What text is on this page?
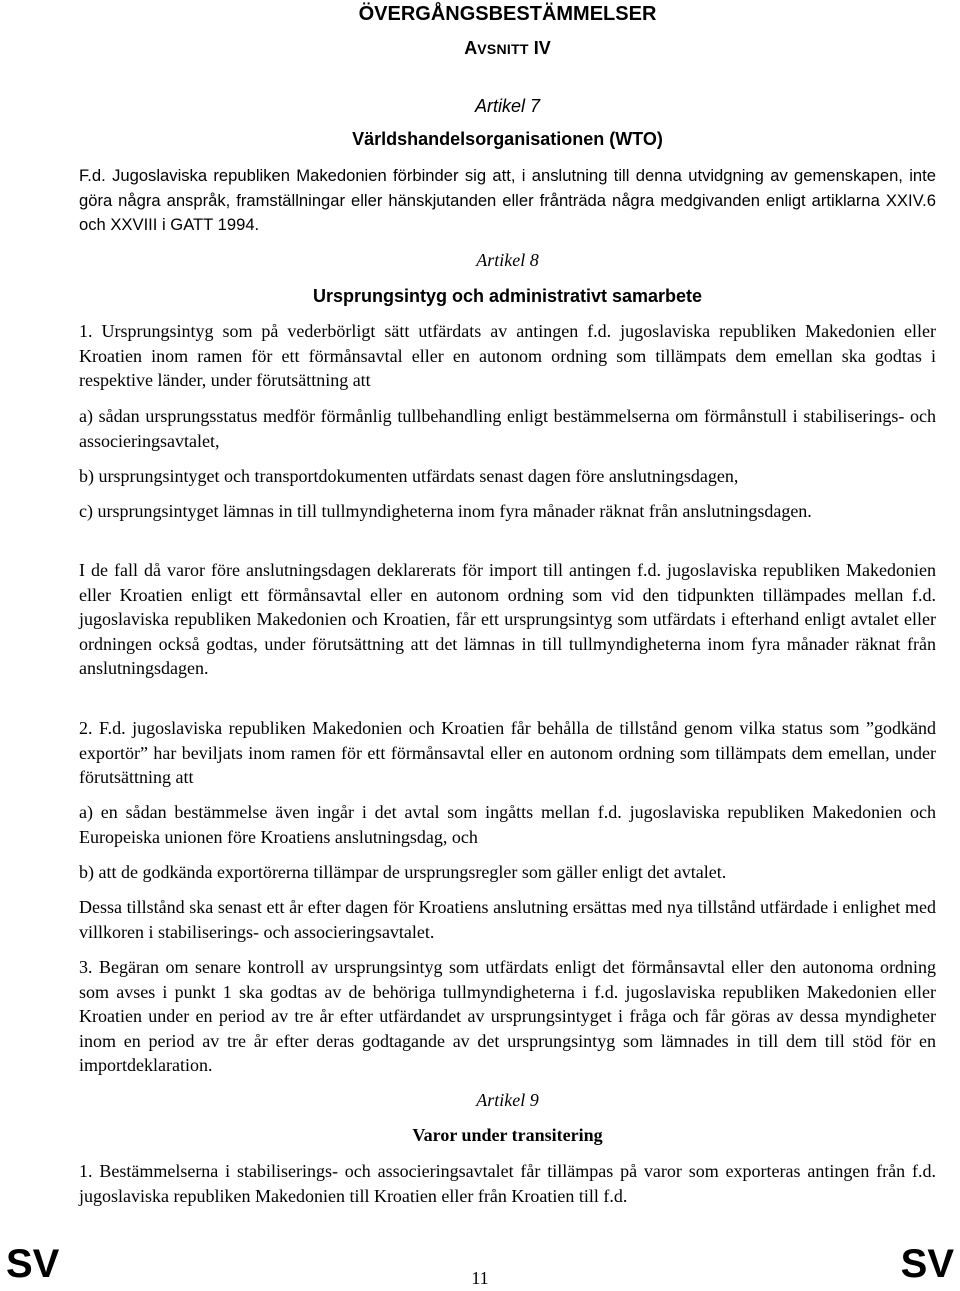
ÖVERGÅNGSBESTÄMMELSER
AVSNITT IV
Artikel 7
Världshandelsorganisationen (WTO)

F.d. Jugoslaviska republiken Makedonien förbinder sig att, i anslutning till denna utvidgning av gemenskapen, inte göra några anspråk, framställningar eller hänskjutanden eller frånträda några medgivanden enligt artiklarna XXIV.6 och XXVIII i GATT 1994.

Artikel 8
Ursprungsintyg och administrativt samarbete

1. Ursprungsintyg som på vederbörligt sätt utfärdats av antingen f.d. jugoslaviska republiken Makedonien eller Kroatien inom ramen för ett förmånsavtal eller en autonom ordning som tillämpats dem emellan ska godtas i respektive länder, under förutsättning att

a) sådan ursprungsstatus medför förmånlig tullbehandling enligt bestämmelserna om förmånstull i stabiliserings- och associeringsavtalet,

b) ursprungsintyget och transportdokumenten utfärdats senast dagen före anslutningsdagen,

c) ursprungsintyget lämnas in till tullmyndigheterna inom fyra månader räknat från anslutningsdagen.

I de fall då varor före anslutningsdagen deklarerats för import till antingen f.d. jugoslaviska republiken Makedonien eller Kroatien enligt ett förmånsavtal eller en autonom ordning som vid den tidpunkten tillämpades mellan f.d. jugoslaviska republiken Makedonien och Kroatien, får ett ursprungsintyg som utfärdats i efterhand enligt avtalet eller ordningen också godtas, under förutsättning att det lämnas in till tullmyndigheterna inom fyra månader räknat från anslutningsdagen.

2. F.d. jugoslaviska republiken Makedonien och Kroatien får behålla de tillstånd genom vilka status som ”godkänd exportör” har beviljats inom ramen för ett förmånsavtal eller en autonom ordning som tillämpats dem emellan, under förutsättning att

a) en sådan bestämmelse även ingår i det avtal som ingåtts mellan f.d. jugoslaviska republiken Makedonien och Europeiska unionen före Kroatiens anslutningsdag, och

b) att de godkända exportörerna tillämpar de ursprungsregler som gäller enligt det avtalet.

Dessa tillstånd ska senast ett år efter dagen för Kroatiens anslutning ersättas med nya tillstånd utfärdade i enlighet med villkoren i stabiliserings- och associeringsavtalet.

3. Begäran om senare kontroll av ursprungsintyg som utfärdats enligt det förmånsavtal eller den autonoma ordning som avses i punkt 1 ska godtas av de behöriga tullmyndigheterna i f.d. jugoslaviska republiken Makedonien eller Kroatien under en period av tre år efter utfärdandet av ursprungsintyget i fråga och får göras av dessa myndigheter inom en period av tre år efter deras godtagande av det ursprungsintyg som lämnades in till dem till stöd för en importdeklaration.

Artikel 9
Varor under transitering

1. Bestämmelserna i stabiliserings- och associeringsavtalet får tillämpas på varor som exporteras antingen från f.d. jugoslaviska republiken Makedonien till Kroatien eller från Kroatien till f.d.

SV	11	SV
